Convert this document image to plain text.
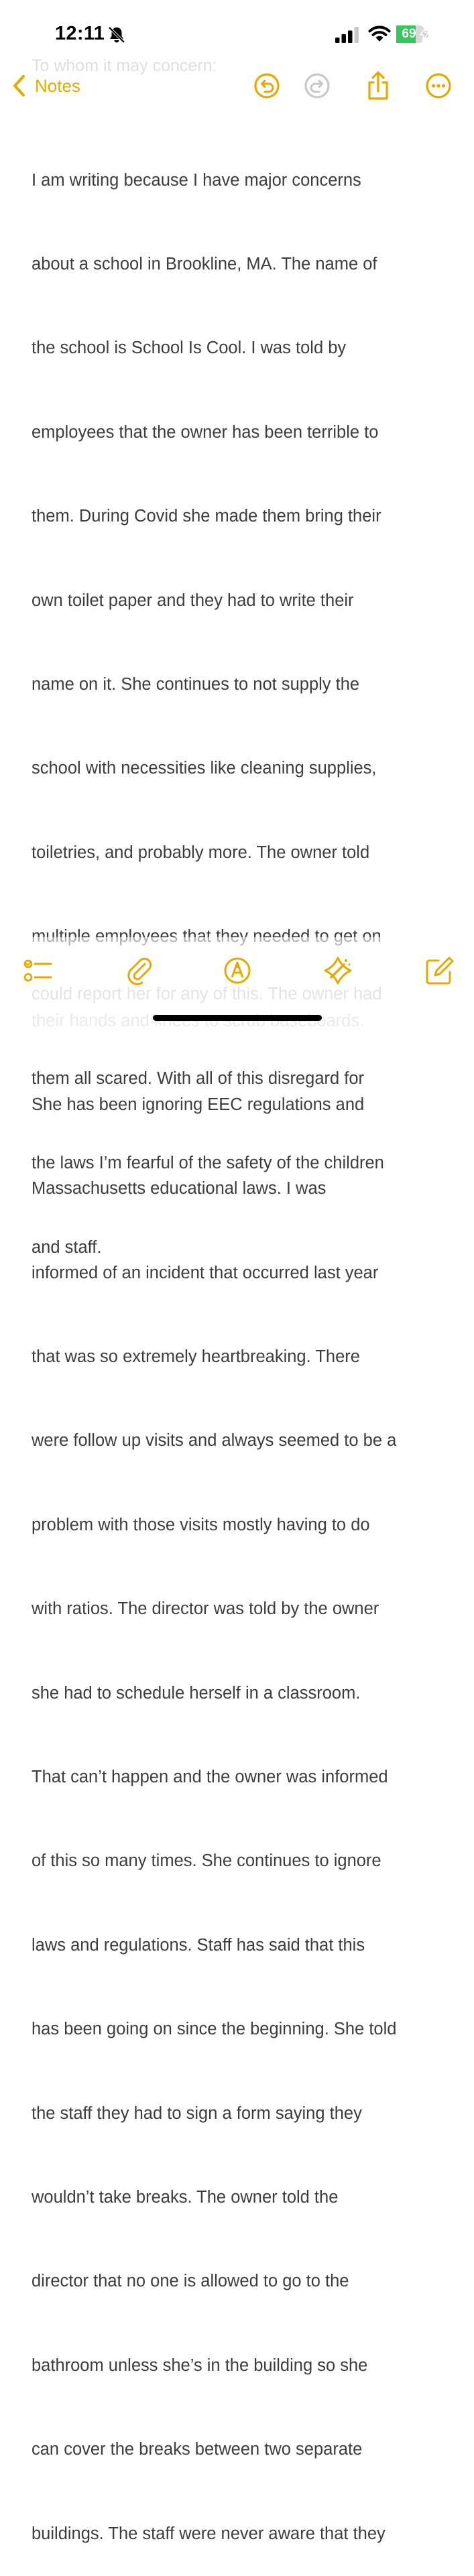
12:11	69
To whom it may concern:
Notes

I am writing because I have major concerns

about a school in Brookline, MA. The name of

the school is School Is Cool. I was told by

employees that the owner has been terrible to

them. During Covid she made them bring their

own toilet paper and they had to write their

name on it. She continues to not supply the

school with necessities like cleaning supplies,

toiletries, and probably more. The owner told

She has been ignoring EEC regulations and

Massachusetts educational laws. I was

informed of an incident that occurred last year

that was so extremely heartbreaking. There

were follow up visits and always seemed to be a

problem with those visits mostly having to do

with ratios. The director was told by the owner

she had to schedule herself in a classroom.

That can’t happen and the owner was informed

of this so many times. She continues to ignore

laws and regulations. Staff has said that this

has been going on since the beginning. She told

the staff they had to sign a form saying they

wouldn’t take breaks. The owner told the

director that no one is allowed to go to the

bathroom unless she’s in the building so she

can cover the breaks between two separate

buildings. The staff were never aware that they

them all scared. With all of this disregard for

the laws I’m fearful of the safety of the children

and staff.
